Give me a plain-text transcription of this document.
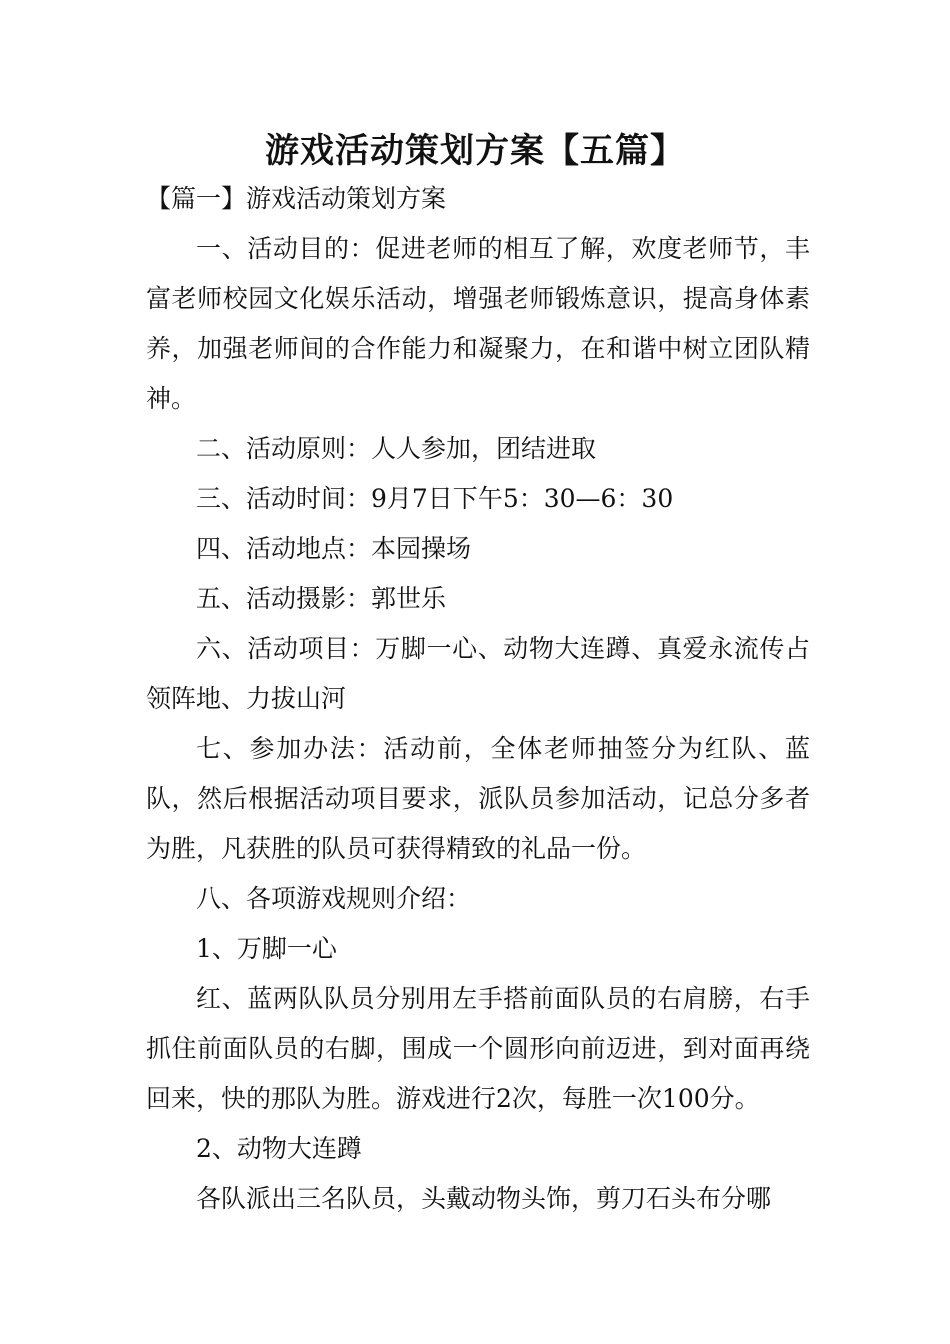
游戏活动策划方案【五篇】
【篇一】游戏活动策划方案

一、活动目的：促进老师的相互了解，欢度老师节，丰富老师校园文化娱乐活动，增强老师锻炼意识，提高身体素养，加强老师间的合作能力和凝聚力，在和谐中树立团队精神。

二、活动原则：人人参加，团结进取

三、活动时间：9月7日下午5：30—6：30

四、活动地点：本园操场

五、活动摄影：郭世乐

六、活动项目：万脚一心、动物大连蹲、真爱永流传占领阵地、力拔山河

七、参加办法：活动前，全体老师抽签分为红队、蓝队，然后根据活动项目要求，派队员参加活动，记总分多者为胜，凡获胜的队员可获得精致的礼品一份。

八、各项游戏规则介绍：

1、万脚一心

红、蓝两队队员分别用左手搭前面队员的右肩膀，右手抓住前面队员的右脚，围成一个圆形向前迈进，到对面再绕回来，快的那队为胜。游戏进行2次，每胜一次100分。

2、动物大连蹲

各队派出三名队员，头戴动物头饰，剪刀石头布分哪
